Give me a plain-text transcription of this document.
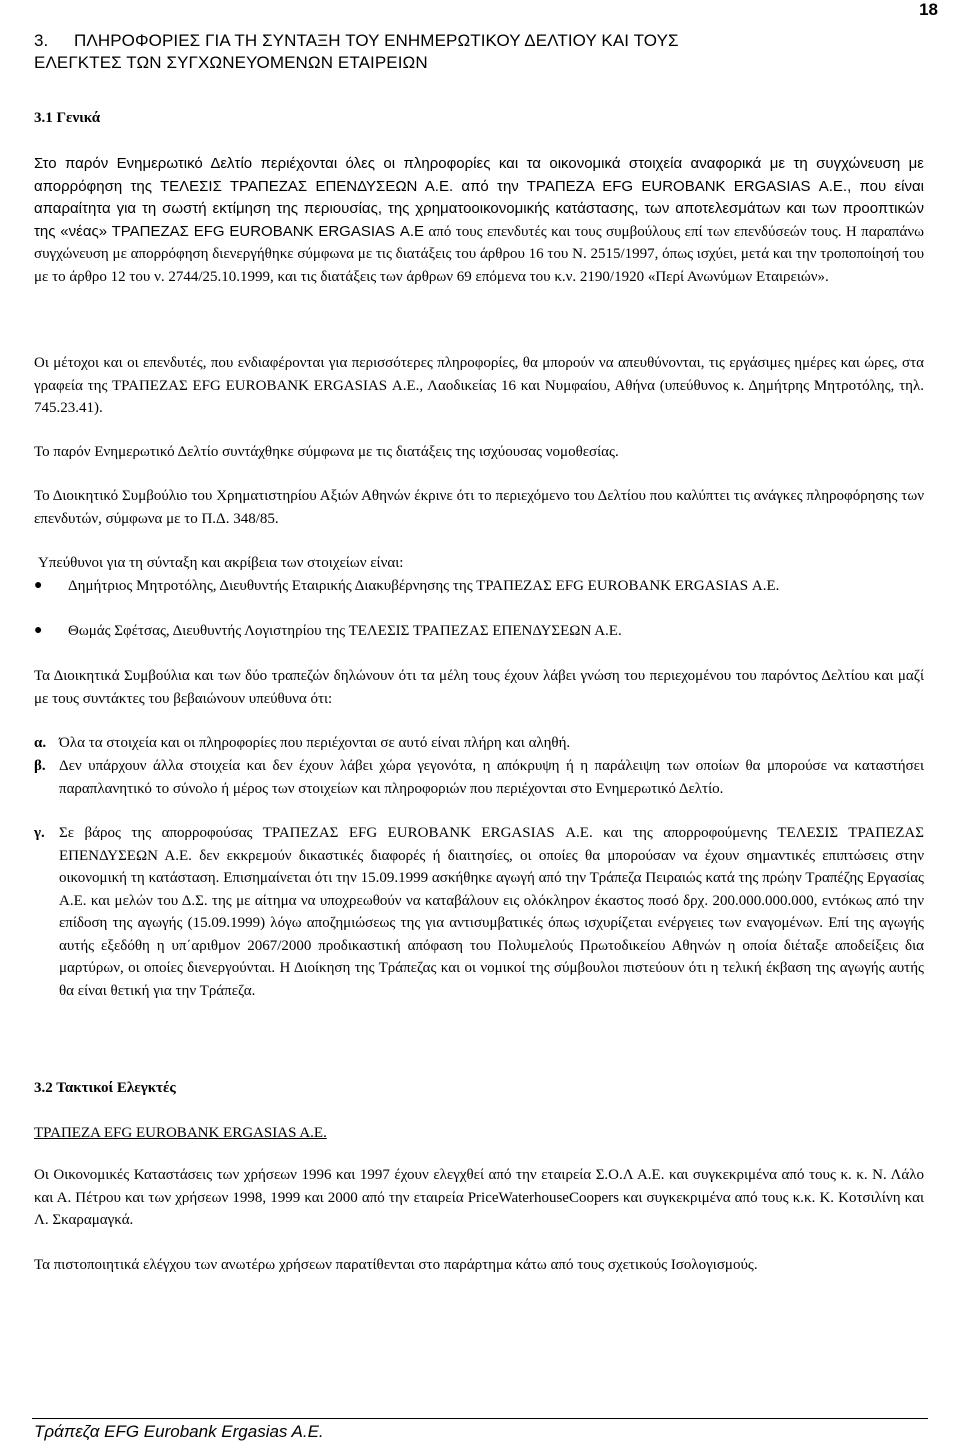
18
3. ΠΛΗΡΟΦΟΡΙΕΣ ΓΙΑ ΤΗ ΣΥΝΤΑΞΗ ΤΟΥ ΕΝΗΜΕΡΩΤΙΚΟΥ ΔΕΛΤΙΟΥ ΚΑΙ ΤΟΥΣ
ΕΛΕΓΚΤΕΣ ΤΩΝ ΣΥΓΧΩΝΕΥΟΜΕΝΩΝ ΕΤΑΙΡΕΙΩΝ
3.1 Γενικά

Στο παρόν Ενημερωτικό Δελτίο περιέχονται όλες οι πληροφορίες και τα οικονομικά στοιχεία αναφορικά με τη συγχώνευση με απορρόφηση της ΤΕΛΕΣΙΣ ΤΡΑΠΕΖΑΣ ΕΠΕΝΔΥΣΕΩΝ Α.Ε. από την ΤΡΑΠΕΖΑ EFG EUROBANK ERGASIAS Α.Ε., που είναι απαραίτητα για τη σωστή εκτίμηση της περιουσίας, της χρηματοοικονομικής κατάστασης, των αποτελεσμάτων και των προοπτικών της «νέας» ΤΡΑΠΕΖΑΣ EFG EUROBANK ERGASIAS Α.Ε από τους επενδυτές και τους συμβούλους επί των επενδύσεών τους. Η παραπάνω συγχώνευση με απορρόφηση διενεργήθηκε σύμφωνα με τις διατάξεις του άρθρου 16 του Ν. 2515/1997, όπως ισχύει, μετά και την τροποποίησή του με το άρθρο 12 του ν. 2744/25.10.1999, και τις διατάξεις των άρθρων 69 επόμενα του κ.ν. 2190/1920 «Περί Ανωνύμων Εταιρειών».

Οι μέτοχοι και οι επενδυτές, που ενδιαφέρονται για περισσότερες πληροφορίες, θα μπορούν να απευθύνονται, τις εργάσιμες ημέρες και ώρες, στα γραφεία της ΤΡΑΠΕΖΑΣ EFG EUROBANK ERGASIAS Α.Ε., Λαοδικείας 16 και Νυμφαίου, Αθήνα (υπεύθυνος κ. Δημήτρης Μητροτόλης, τηλ. 745.23.41).

Το παρόν Ενημερωτικό Δελτίο συντάχθηκε σύμφωνα με τις διατάξεις της ισχύουσας νομοθεσίας.

Το Διοικητικό Συμβούλιο του Χρηματιστηρίου Αξιών Αθηνών έκρινε ότι το περιεχόμενο του Δελτίου που καλύπτει τις ανάγκες πληροφόρησης των επενδυτών, σύμφωνα με το Π.Δ. 348/85.

Υπεύθυνοι για τη σύνταξη και ακρίβεια των στοιχείων είναι:

● Δημήτριος Μητροτόλης, Διευθυντής Εταιρικής Διακυβέρνησης της ΤΡΑΠΕΖΑΣ EFG EUROBANK ERGASIAS Α.Ε.
● Θωμάς Σφέτσας, Διευθυντής Λογιστηρίου της ΤΕΛΕΣΙΣ ΤΡΑΠΕΖΑΣ ΕΠΕΝΔΥΣΕΩΝ Α.Ε.

Τα Διοικητικά Συμβούλια και των δύο τραπεζών δηλώνουν ότι τα μέλη τους έχουν λάβει γνώση του περιεχομένου του παρόντος Δελτίου και μαζί με τους συντάκτες του βεβαιώνουν υπεύθυνα ότι:

α. Όλα τα στοιχεία και οι πληροφορίες που περιέχονται σε αυτό είναι πλήρη και αληθή.
β. Δεν υπάρχουν άλλα στοιχεία και δεν έχουν λάβει χώρα γεγονότα, η απόκρυψη ή η παράλειψη των οποίων θα μπορούσε να καταστήσει παραπλανητικό το σύνολο ή μέρος των στοιχείων και πληροφοριών που περιέχονται στο Ενημερωτικό Δελτίο.
γ. Σε βάρος της απορροφούσας ΤΡΑΠΕΖΑΣ EFG EUROBANK ERGASIAS Α.Ε. και της απορροφούμενης ΤΕΛΕΣΙΣ ΤΡΑΠΕΖΑΣ ΕΠΕΝΔΥΣΕΩΝ Α.Ε. δεν εκκρεμούν δικαστικές διαφορές ή διαιτησίες, οι οποίες θα μπορούσαν να έχουν σημαντικές επιπτώσεις στην οικονομική τη κατάσταση. Επισημαίνεται ότι την 15.09.1999 ασκήθηκε αγωγή από την Τράπεζα Πειραιώς κατά της πρώην Τραπέζης Εργασίας Α.Ε. και μελών του Δ.Σ. της με αίτημα να υποχρεωθούν να καταβάλουν εις ολόκληρον έκαστος ποσό δρχ. 200.000.000.000, εντόκως από την επίδοση της αγωγής (15.09.1999) λόγω αποζημιώσεως της για αντισυμβατικές όπως ισχυρίζεται ενέργειες των εναγομένων. Επί της αγωγής αυτής εξεδόθη η υπ΄αριθμον 2067/2000 προδικαστική απόφαση του Πολυμελούς Πρωτοδικείου Αθηνών η οποία διέταξε αποδείξεις δια μαρτύρων, οι οποίες διενεργούνται. Η Διοίκηση της Τράπεζας και οι νομικοί της σύμβουλοι πιστεύουν ότι η τελική έκβαση της αγωγής αυτής θα είναι θετική για την Τράπεζα.
3.2 Τακτικοί Ελεγκτές
ΤΡΑΠΕΖΑ EFG EUROBANK ERGASIAS A.E.

Οι Οικονομικές Καταστάσεις των χρήσεων 1996 και 1997 έχουν ελεγχθεί από την εταιρεία Σ.Ο.Λ Α.Ε. και συγκεκριμένα από τους κ. κ. Ν. Λάλο και Α. Πέτρου και των χρήσεων 1998, 1999 και 2000 από την εταιρεία PriceWaterhouseCoopers και συγκεκριμένα από τους κ.κ. Κ. Κοτσιλίνη και Λ. Σκαραμαγκά.

Τα πιστοποιητικά ελέγχου των ανωτέρω χρήσεων παρατίθενται στο παράρτημα κάτω από τους σχετικούς Ισολογισμούς.

Τράπεζα EFG Eurobank Ergasias A.E.
